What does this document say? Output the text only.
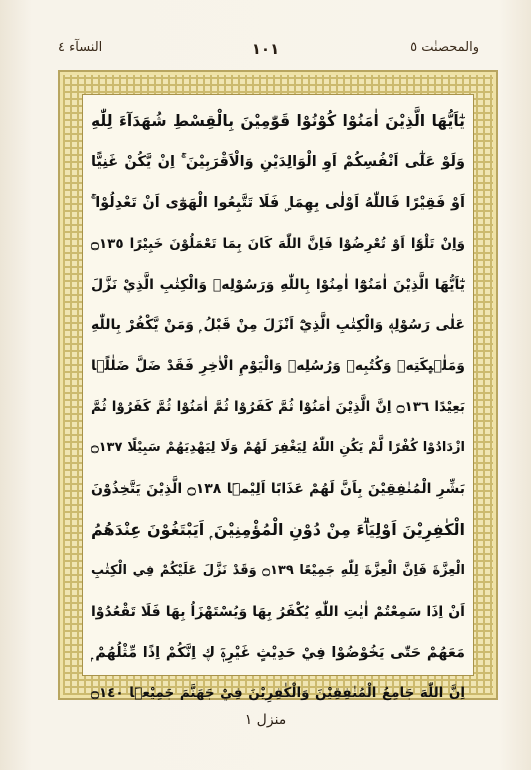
النسآء ٤	١٠١	والمحصنٰت ٥
يٰٓاَيُّهَا الَّذِيْنَ اٰمَنُوْا كُوْنُوْا قَوّٰمِيْنَ بِالْقِسْطِ شُهَدَآءَ لِلّٰهِ
وَلَوْ عَلٰٓى اَنْفُسِكُمْ اَوِ الْوَالِدَيْنِ وَالْاَقْرَبِيْنَ ۚ اِنْ يَّكُنْ غَنِيًّا
اَوْ فَقِيْرًا فَاللّٰهُ اَوْلٰى بِهِمَا ۣ فَلَا تَتَّبِعُوا الْهَوٰٓى اَنْ تَعْدِلُوْا ۚ
وَاِنْ تَلْوٗٓا اَوْ تُعْرِضُوْا فَاِنَّ اللّٰهَ كَانَ بِمَا تَعْمَلُوْنَ خَبِيْرًا ۝١٣٥
يٰٓاَيُّهَا الَّذِيْنَ اٰمَنُوْٓا اٰمِنُوْا بِاللّٰهِ وَرَسُوْلِهٖ وَالْكِتٰبِ الَّذِيْ نَزَّلَ
عَلٰى رَسُوْلِهٖ وَالْكِتٰبِ الَّذِيْٓ اَنْزَلَ مِنْ قَبْلُ ۭ وَمَنْ يَّكْفُرْ بِاللّٰهِ
وَمَلٰۗىِٕكَتِهٖ وَكُتُبِهٖ وَرُسُلِهٖ وَالْيَوْمِ الْاٰخِرِ فَقَدْ ضَلَّ ضَلٰلًۢا
بَعِيْدًا ۝١٣٦ اِنَّ الَّذِيْنَ اٰمَنُوْا ثُمَّ كَفَرُوْا ثُمَّ اٰمَنُوْا ثُمَّ كَفَرُوْا ثُمَّ
ازْدَادُوْا كُفْرًا لَّمْ يَكُنِ اللّٰهُ لِيَغْفِرَ لَهُمْ وَلَا لِيَهْدِيَهُمْ سَبِيْلًا ۝١٣٧
بَشِّرِ الْمُنٰفِقِيْنَ بِاَنَّ لَهُمْ عَذَابًا اَلِيْمَۨا ۝١٣٨ الَّذِيْنَ يَتَّخِذُوْنَ
الْكٰفِرِيْنَ اَوْلِيَاۗءَ مِنْ دُوْنِ الْمُؤْمِنِيْنَ ۭ اَيَبْتَغُوْنَ عِنْدَهُمُ
الْعِزَّةَ فَاِنَّ الْعِزَّةَ لِلّٰهِ جَمِيْعًا ۝١٣٩ وَقَدْ نَزَّلَ عَلَيْكُمْ فِي الْكِتٰبِ
اَنْ اِذَا سَمِعْتُمْ اٰيٰتِ اللّٰهِ يُكْفَرُ بِهَا وَيُسْتَهْزَاُ بِهَا فَلَا تَقْعُدُوْا
مَعَهُمْ حَتّٰى يَخُوْضُوْا فِيْ حَدِيْثٍ غَيْرِهٖٓ ڮ اِنَّكُمْ اِذًا مِّثْلُهُمْ ۭ
اِنَّ اللّٰهَ جَامِعُ الْمُنٰفِقِيْنَ وَالْكٰفِرِيْنَ فِيْ جَهَنَّمَ جَمِيْعَۨا ۝١٤٠
منزل ١
